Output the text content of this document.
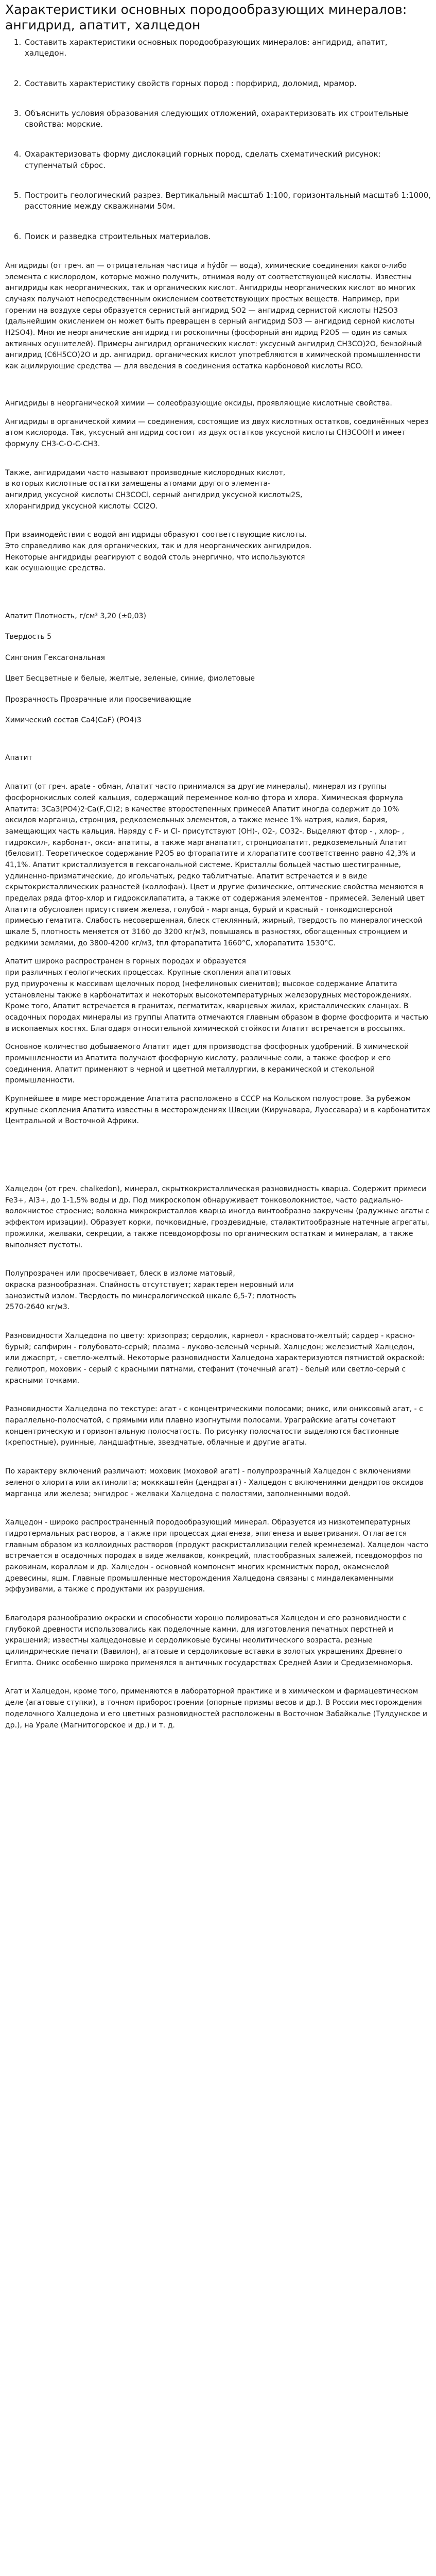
Характеристики основных породообразующих минералов: ангидрид, апатит, халцедон
1. Составить характеристики основных породообразующих минералов: ангидрид, апатит, халцедон.
2. Составить характеристику свойств горных пород : порфирид, доломид, мрамор.
3. Объяснить условия образования следующих отложений, охарактеризовать их строительные свойства: морские.
4. Охарактеризовать форму дислокаций горных пород, сделать схематический рисунок: ступенчатый сброс.
5. Построить геологический разрез. Вертикальный масштаб 1:100, горизонтальный масштаб 1:1000, расстояние между скважинами 50м.
6. Поиск и разведка строительных материалов.

Ангидриды (от греч. an — отрицательная частица и hýdōr — вода), химические соединения какого-либо элемента с кислородом, которые можно получить, отнимая воду от соответствующей кислоты. Известны ангидриды как неорганических, так и органических кислот. Ангидриды неорганических кислот во многих случаях получают непосредственным окислением соответствующих простых веществ. Например, при горении на воздухе серы образуется сернистый ангидрид SO2 — ангидрид сернистой кислоты H2SO3 (дальнейшим окислением он может быть превращен в серный ангидрид SO3 — ангидрид серной кислоты H2SO4). Многие неорганические ангидрид гигроскопичны (фосфорный ангидрид P2O5 — один из самых активных осушителей). Примеры ангидрид органических кислот: уксусный ангидрид CH3CO)2O, бензойный ангидрид (C6H5CO)2O и др. ангидрид. органических кислот употребляются в химической промышленности как ацилирующие средства — для введения в соединения остатка карбоновой кислоты RCO.

Ангидриды в неорганической химии — солеобразующие оксиды, проявляющие кислотные свойства.

Ангидриды в органической химии — соединения, состоящие из двух кислотных остатков, соединённых через атом кислорода. Так, уксусный ангидрид состоит из двух остатков уксусной кислоты CH3COOH и имеет формулу CH3-C-O-C-CH3.

Также, ангидридами часто называют производные кислородных кислот,
в которых кислотные остатки замещены атомами другого элемента-
ангидрид уксусной кислоты CH3COCl, серный ангидрид уксусной кислоты2S,
хлорангидрид уксусной кислоты CCl2O.

При взаимодействии с водой ангидриды образуют соответствующие кислоты.
Это справедливо как для органических, так и для неорганических ангидридов.
Некоторые ангидриды реагируют с водой столь энергично, что используются
как осушающие средства.

Апатит Плотность, г/см³ 3,20 (±0,03)

Твердость 5

Сингония Гексагональная

Цвет Бесцветные и белые, желтые, зеленые, синие, фиолетовые

Прозрачность Прозрачные или просвечивающие

Химический состав Ca4(CaF) (PO4)3

Апатит

Апатит (от греч. apate - обман, Апатит часто принимался за другие минералы), минерал из группы фосфорнокислых солей кальция, содержащий переменное кол-во фтора и хлора. Химическая формула Апатита: 3Ca3(PO4)2·Ca(F,Cl)2; в качестве второстепенных примесей Апатит иногда содержит до 10% оксидов марганца, стронция, редкоземельных элементов, а также менее 1% натрия, калия, бария, замещающих часть кальция. Наряду с F- и Cl- присутствуют (OH)-, O2-, CO32-. Выделяют фтор - , хлор- , гидроксил-, карбонат-, окси- апатиты, а также марганапатит, стронциоапатит, редкоземельный Апатит (беловит). Теоретическое содержание P2O5 во фторапатите и хлорапатите соответственно равно 42,3% и 41,1%. Апатит кристаллизуется в гексагональной системе. Кристаллы больцей частью шестигранные, удлиненно-призматические, до игольчатых, редко таблитчатые. Апатит встречается и в виде скрытокристаллических разностей (коллофан). Цвет и другие физические, оптические свойства меняются в пределах ряда фтор-хлор и гидроксилапатита, а также от содержания элементов - примесей. Зеленый цвет Апатита обусловлен присутствием железа, голубой - марганца, бурый и красный - тонкодисперсной примесью гематита. Слабость несовершенная, блеск стеклянный, жирный, твердость по минералогической шкале 5, плотность меняется от 3160 до 3200 кг/м3, повышаясь в разностях, обогащенных стронцием и редкими землями, до 3800-4200 кг/м3, tпл фторапатита 1660°С, хлорапатита 1530°С.

Апатит широко распространен в горных породах и образуется
при различных геологических процессах. Крупные скопления апатитовых
руд приурочены к массивам щелочных пород (нефелиновых сиенитов); высокое содержание Апатита установлены также в карбонатитах и некоторых высокотемпературных железорудных месторождениях. Кроме того, Апатит встречается в гранитах, пегматитах, кварцевых жилах, кристаллических сланцах. В осадочных породах минералы из группы Апатита отмечаются главным образом в форме фосфорита и частью в ископаемых костях. Благодаря относительной химической стойкости Апатит встречается в россыпях.

Основное количество добываемого Апатит идет для производства фосфорных удобрений. В химической промышленности из Апатита получают фосфорную кислоту, различные соли, а также фосфор и его соединения. Апатит применяют в черной и цветной металлургии, в керамической и стекольной промышленности.

Крупнейшее в мире месторождение Апатита расположено в СССР на Кольском полуострове. За рубежом крупные скопления Апатита известны в месторождениях Швеции (Кирунавара, Луоссавара) и в карбонатитах Центральной и Восточной Африки.

Халцедон (от греч. chalkedon), минерал, скрыткокристаллическая разновидность кварца. Содержит примеси Fe3+, Al3+, до 1-1,5% воды и др. Под микроскопом обнаруживает тонковолокнистое, часто радиально-волокнистое строение; волокна микрокристаллов кварца иногда винтообразно закручены (радужные агаты с эффектом иризации). Образует корки, почковидные, гроздевидные, сталактитообразные натечные агрегаты, прожилки, желваки, секреции, а также псевдоморфозы по органическим остаткам и минералам, а также выполняет пустоты.

Полупрозрачен или просвечивает, блеск в изломе матовый,
окраска разнообразная. Спайность отсутствует; характерен неровный или
занозистый излом. Твердость по минералогической шкале 6,5-7; плотность
2570-2640 кг/м3.

Разновидности Халцедона по цвету: хризопраз; сердолик, карнеол - красновато-желтый; сардер - красно-бурый; сапфирин - голубовато-серый; плазма - луково-зеленый черный. Халцедон; железистый Халцедон, или джаспрт, - светло-желтый. Некоторые разновидности Халцедона характеризуются пятнистой окраской: гелиотроп, моховик - серый с красными пятнами, стефанит (точечный агат) - белый или светло-серый с красными точками.

Разновидности Халцедона по текстуре: агат - с концентрическими полосами; оникс, или ониксовый агат, - с параллельно-полосчатой, с прямыми или плавно изогнутыми полосами. Ураграйские агаты сочетают концентрическую и горизонтальную полосчатость. По рисунку полосчатости выделяются бастионные (крепостные), руинные, ландшафтные, звездчатые, облачные и другие агаты.

По характеру включений различают: моховик (моховой агат) - полупрозрачный Халцедон с включениями зеленого хлорита или актинолита; мокккаштейн (дендрагат) - Халцедон с включениями дендритов оксидов марганца или железа; энгидрос - желваки Халцедона с полостями, заполненными водой.

Халцедон - широко распространенный породообразующий минерал. Образуется из низкотемпературных гидротермальных растворов, а также при процессах диагенеза, эпигенеза и выветривания. Отлагается главным образом из коллоидных растворов (продукт раскристаллизации гелей кремнезема). Халцедон часто встречается в осадочных породах в виде желваков, конкреций, пластообразных залежей, псевдоморфоз по раковинам, кораллам и др. Халцедон - основной компонент многих кремнистых пород, окаменелой древесины, яшм. Главные промышленные месторождения Халцедона связаны с миндалекаменными эффузивами, а также с продуктами их разрушения.

Благодаря разнообразию окраски и способности хорошо полироваться Халцедон и его разновидности с глубокой древности использовались как поделочные камни, для изготовления печатных перстней и украшений; известны халцедоновые и сердоликовые бусины неолитического возраста, резные цилиндрические печати (Вавилон), агатовые и сердоликовые вставки в золотых украшениях Древнего Египта. Оникс особенно широко применялся в античных государствах Средней Азии и Средиземноморья.

Агат и Халцедон, кроме того, применяются в лабораторной практике и в химическом и фармацевтическом деле (агатовые ступки), в точном приборостроении (опорные призмы весов и др.). В России месторождения поделочного Халцедона и его цветных разновидностей расположены в Восточном Забайкалье (Тулдунское и др.), на Урале (Магнитогорское и др.) и т. д.
